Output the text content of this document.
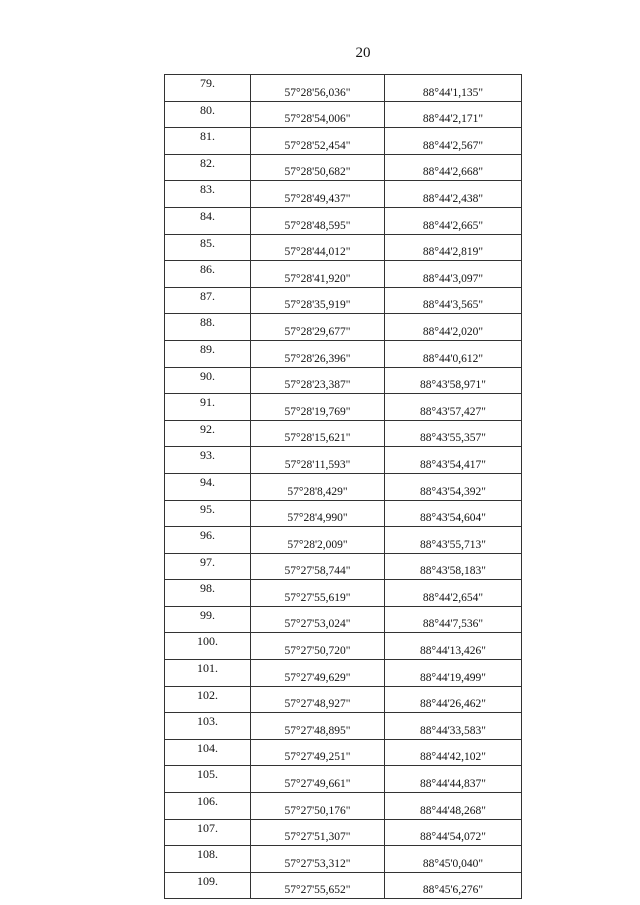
20
79.	57°28'56,036"	88°44'1,135"
80.	57°28'54,006"	88°44'2,171"
81.	57°28'52,454"	88°44'2,567"
82.	57°28'50,682"	88°44'2,668"
83.	57°28'49,437"	88°44'2,438"
84.	57°28'48,595"	88°44'2,665"
85.	57°28'44,012"	88°44'2,819"
86.	57°28'41,920"	88°44'3,097"
87.	57°28'35,919"	88°44'3,565"
88.	57°28'29,677"	88°44'2,020"
89.	57°28'26,396"	88°44'0,612"
90.	57°28'23,387"	88°43'58,971"
91.	57°28'19,769"	88°43'57,427"
92.	57°28'15,621"	88°43'55,357"
93.	57°28'11,593"	88°43'54,417"
94.	57°28'8,429"	88°43'54,392"
95.	57°28'4,990"	88°43'54,604"
96.	57°28'2,009"	88°43'55,713"
97.	57°27'58,744"	88°43'58,183"
98.	57°27'55,619"	88°44'2,654"
99.	57°27'53,024"	88°44'7,536"
100.	57°27'50,720"	88°44'13,426"
101.	57°27'49,629"	88°44'19,499"
102.	57°27'48,927"	88°44'26,462"
103.	57°27'48,895"	88°44'33,583"
104.	57°27'49,251"	88°44'42,102"
105.	57°27'49,661"	88°44'44,837"
106.	57°27'50,176"	88°44'48,268"
107.	57°27'51,307"	88°44'54,072"
108.	57°27'53,312"	88°45'0,040"
109.	57°27'55,652"	88°45'6,276"
